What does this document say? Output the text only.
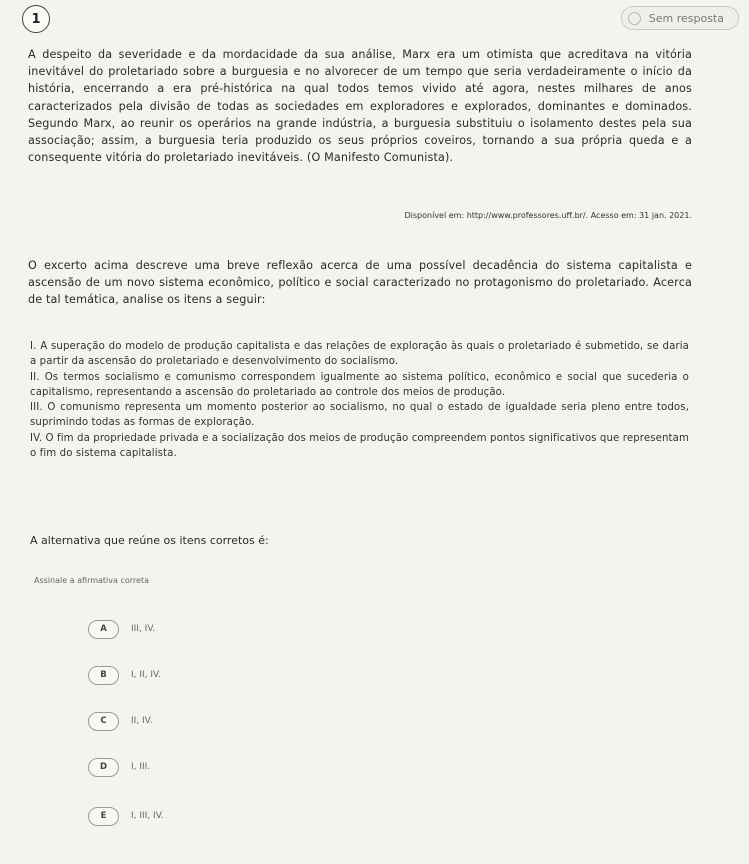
1	Sem resposta
A despeito da severidade e da mordacidade da sua análise, Marx era um otimista que acreditava na vitória inevitável do proletariado sobre a burguesia e no alvorecer de um tempo que seria verdadeiramente o início da história, encerrando a era pré-histórica na qual todos temos vivido até agora, nestes milhares de anos caracterizados pela divisão de todas as sociedades em exploradores e explorados, dominantes e dominados. Segundo Marx, ao reunir os operários na grande indústria, a burguesia substituiu o isolamento destes pela sua associação; assim, a burguesia teria produzido os seus próprios coveiros, tornando a sua própria queda e a consequente vitória do proletariado inevitáveis. (O Manifesto Comunista).
Disponível em: http://www.professores.uff.br/. Acesso em: 31 jan. 2021.
O excerto acima descreve uma breve reflexão acerca de uma possível decadência do sistema capitalista e ascensão de um novo sistema econômico, político e social caracterizado no protagonismo do proletariado. Acerca de tal temática, analise os itens a seguir:

I. A superação do modelo de produção capitalista e das relações de exploração às quais o proletariado é submetido, se daria a partir da ascensão do proletariado e desenvolvimento do socialismo.

II. Os termos socialismo e comunismo correspondem igualmente ao sistema político, econômico e social que sucederia o capitalismo, representando a ascensão do proletariado ao controle dos meios de produção.

III. O comunismo representa um momento posterior ao socialismo, no qual o estado de igualdade seria pleno entre todos, suprimindo todas as formas de exploração.

IV. O fim da propriedade privada e a socialização dos meios de produção compreendem pontos significativos que representam o fim do sistema capitalista.

A alternativa que reúne os itens corretos é:
Assinale a afirmativa correta
A	III, IV.
B	I, II, IV.
C	II, IV.
D	I, III.
E	I, III, IV.
